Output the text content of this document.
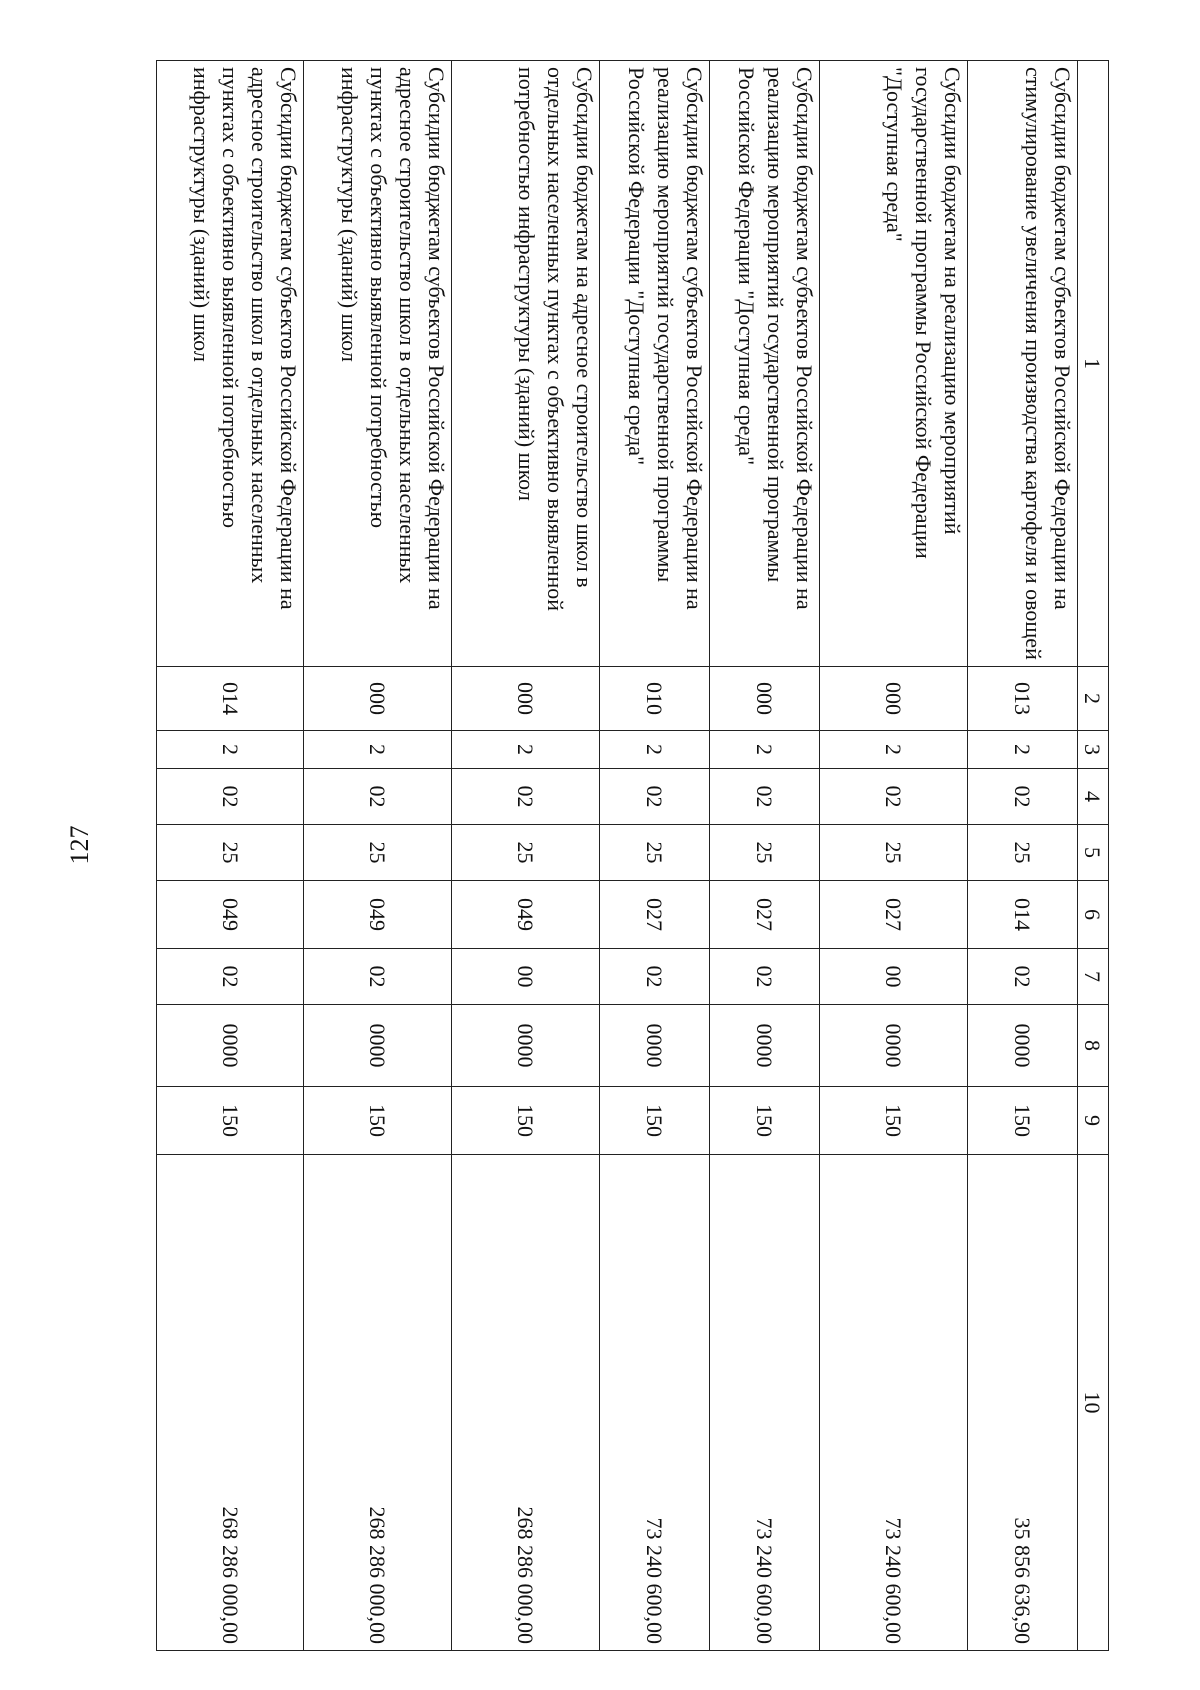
127
1	2	3	4	5	6	7	8	9	10
Субсидии бюджетам субъектов Российской Федерации на стимулирование увеличения производства картофеля и овощей	013	2	02	25	014	02	0000	150	35 856 636,90
Субсидии бюджетам на реализацию мероприятий государственной программы Российской Федерации "Доступная среда"	000	2	02	25	027	00	0000	150	73 240 600,00
Субсидии бюджетам субъектов Российской Федерации на реализацию мероприятий государственной программы Российской Федерации "Доступная среда"	000	2	02	25	027	02	0000	150	73 240 600,00
Субсидии бюджетам субъектов Российской Федерации на реализацию мероприятий государственной программы Российской Федерации "Доступная среда"	010	2	02	25	027	02	0000	150	73 240 600,00
Субсидии бюджетам на адресное строительство школ в отдельных населенных пунктах с объективно выявленной потребностью инфраструктуры (зданий) школ	000	2	02	25	049	00	0000	150	268 286 000,00
Субсидии бюджетам субъектов Российской Федерации на адресное строительство школ в отдельных населенных пунктах с объективно выявленной потребностью инфраструктуры (зданий) школ	000	2	02	25	049	02	0000	150	268 286 000,00
Субсидии бюджетам субъектов Российской Федерации на адресное строительство школ в отдельных населенных пунктах с объективно выявленной потребностью инфраструктуры (зданий) школ	014	2	02	25	049	02	0000	150	268 286 000,00
